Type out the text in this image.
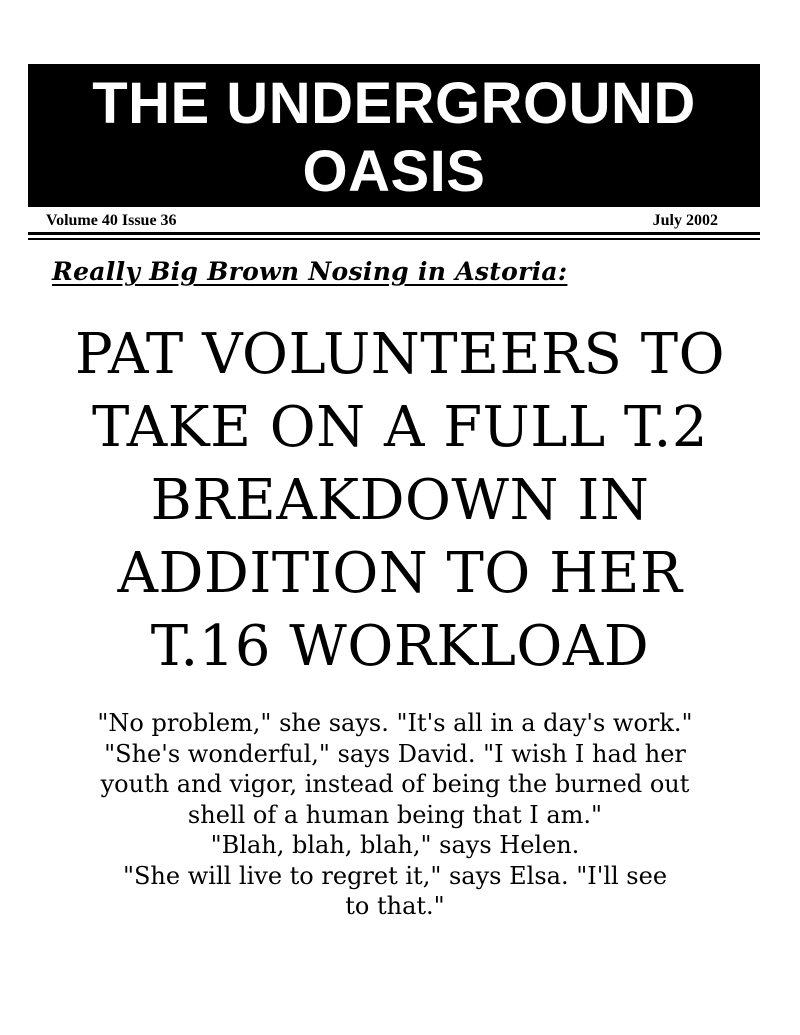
THE UNDERGROUND
OASIS
Volume 40 Issue 36	July 2002
Really Big Brown Nosing in Astoria:
PAT VOLUNTEERS TO
TAKE ON A FULL T.2
BREAKDOWN IN
ADDITION TO HER
T.16 WORKLOAD
"No problem," she says. "It's all in a day's work."
"She's wonderful," says David. "I wish I had her
youth and vigor, instead of being the burned out
shell of a human being that I am."
"Blah, blah, blah," says Helen.
"She will live to regret it," says Elsa. "I'll see
to that."
